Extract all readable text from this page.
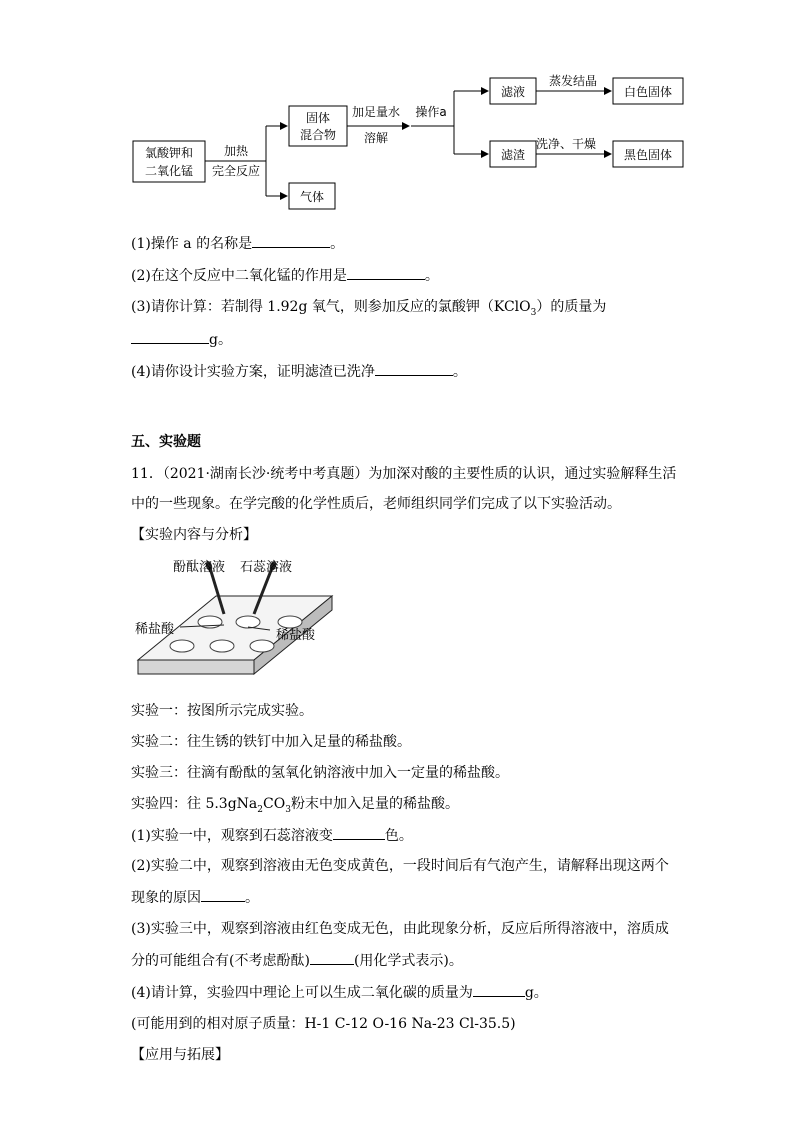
氯酸钾和
二氧化锰
加热
完全反应
固体
混合物
加足量水
溶解
操作a
气体
滤液
蒸发结晶
白色固体
滤渣
洗净、干燥
黑色固体
(1)操作 a 的名称是	。
(2)在这个反应中二氧化锰的作用是	。
(3)请你计算：若制得 1.92g 氧气，则参加反应的氯酸钾（KClO$_3$）的质量为
g。
(4)请你设计实验方案，证明滤渣已洗净	。
五、实验题
11．（2021·湖南长沙·统考中考真题）为加深对酸的主要性质的认识，通过实验解释生活
中的一些现象。在学完酸的化学性质后，老师组织同学们完成了以下实验活动。
【实验内容与分析】
酚酞溶液 石蕊溶液
稀盐酸	稀盐酸
实验一：按图所示完成实验。
实验二：往生锈的铁钉中加入足量的稀盐酸。
实验三：往滴有酚酞的氢氧化钠溶液中加入一定量的稀盐酸。
实验四：往 $5.3gNa_2CO_3$粉末中加入足量的稀盐酸。
(1)实验一中，观察到石蕊溶液变	色。
(2)实验二中，观察到溶液由无色变成黄色，一段时间后有气泡产生，请解释出现这两个
现象的原因	。
(3)实验三中，观察到溶液由红色变成无色，由此现象分析，反应后所得溶液中，溶质成
分的可能组合有(不考虑酚酞)	(用化学式表示)。
(4)请计算，实验四中理论上可以生成二氧化碳的质量为	g。
(可能用到的相对原子质量：H-1 C-12 O-16 Na-23 Cl-35.5)
【应用与拓展】
